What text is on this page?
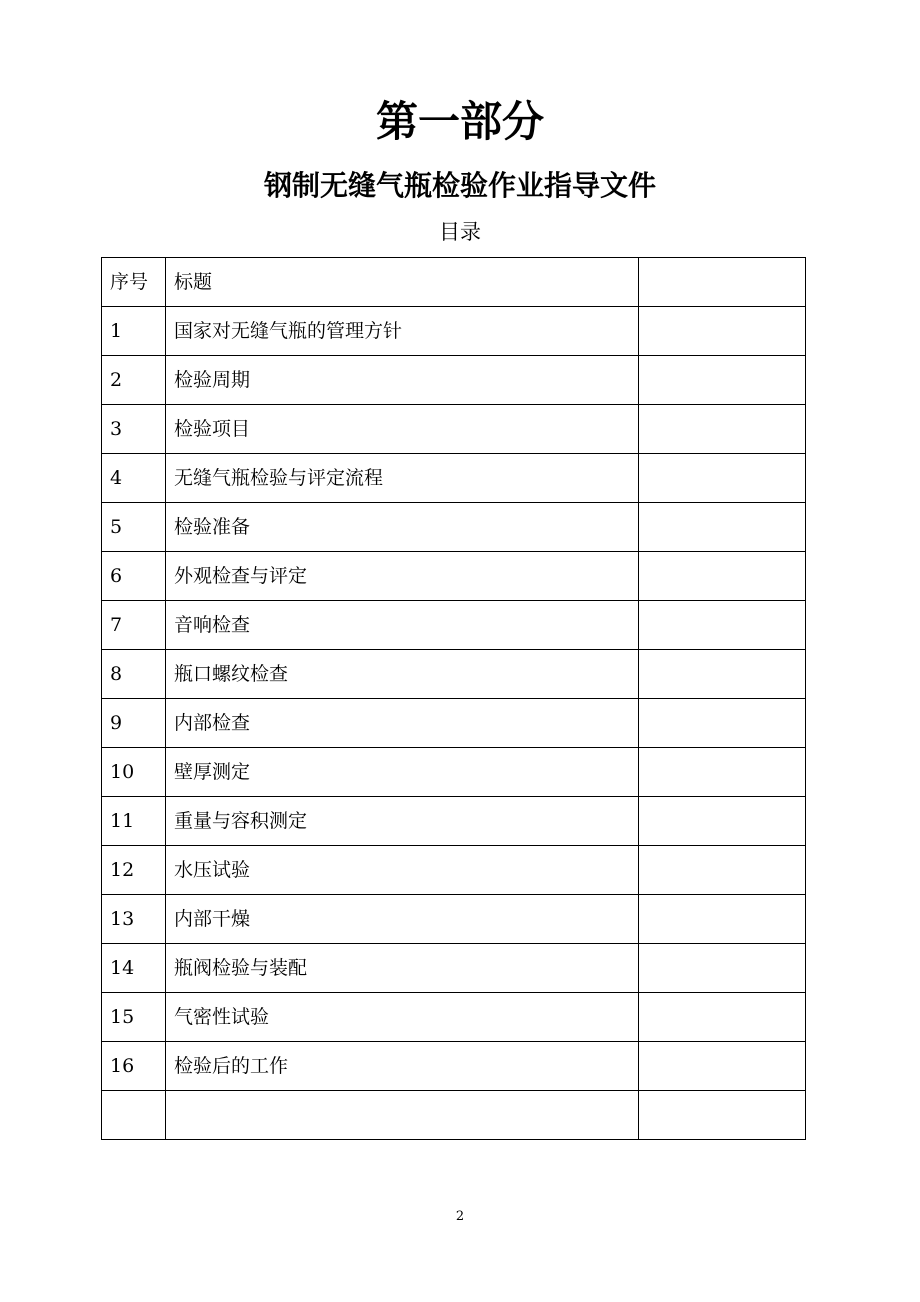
第一部分
钢制无缝气瓶检验作业指导文件
目录
序号	标题	
1	国家对无缝气瓶的管理方针	
2	检验周期	
3	检验项目	
4	无缝气瓶检验与评定流程	
5	检验准备	
6	外观检查与评定	
7	音响检查	
8	瓶口螺纹检查	
9	内部检查	
10	壁厚测定	
11	重量与容积测定	
12	水压试验	
13	内部干燥	
14	瓶阀检验与装配	
15	气密性试验	
16	检验后的工作	

2
